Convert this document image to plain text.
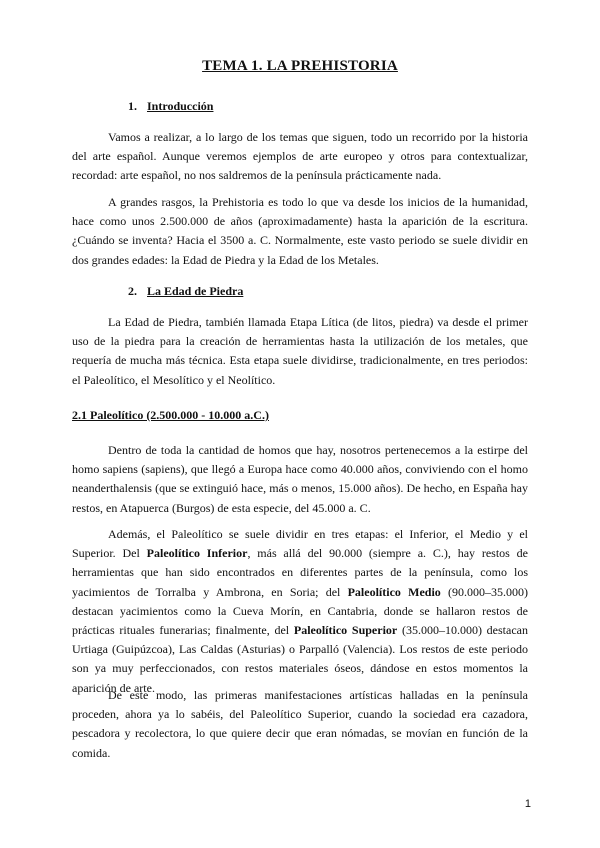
TEMA 1. LA PREHISTORIA
1. Introducción

Vamos a realizar, a lo largo de los temas que siguen, todo un recorrido por la historia del arte español. Aunque veremos ejemplos de arte europeo y otros para contextualizar, recordad: arte español, no nos saldremos de la península prácticamente nada.

A grandes rasgos, la Prehistoria es todo lo que va desde los inicios de la humanidad, hace como unos 2.500.000 de años (aproximadamente) hasta la aparición de la escritura. ¿Cuándo se inventa? Hacia el 3500 a. C. Normalmente, este vasto periodo se suele dividir en dos grandes edades: la Edad de Piedra y la Edad de los Metales.

2. La Edad de Piedra

La Edad de Piedra, también llamada Etapa Lítica (de litos, piedra) va desde el primer uso de la piedra para la creación de herramientas hasta la utilización de los metales, que requería de mucha más técnica. Esta etapa suele dividirse, tradicionalmente, en tres periodos: el Paleolítico, el Mesolítico y el Neolítico.

2.1 Paleolítico (2.500.000 - 10.000 a.C.)

Dentro de toda la cantidad de homos que hay, nosotros pertenecemos a la estirpe del homo sapiens (sapiens), que llegó a Europa hace como 40.000 años, conviviendo con el homo neanderthalensis (que se extinguió hace, más o menos, 15.000 años). De hecho, en España hay restos, en Atapuerca (Burgos) de esta especie, del 45.000 a. C.

Además, el Paleolítico se suele dividir en tres etapas: el Inferior, el Medio y el Superior. Del Paleolítico Inferior, más allá del 90.000 (siempre a. C.), hay restos de herramientas que han sido encontrados en diferentes partes de la península, como los yacimientos de Torralba y Ambrona, en Soria; del Paleolítico Medio (90.000–35.000) destacan yacimientos como la Cueva Morín, en Cantabria, donde se hallaron restos de prácticas rituales funerarias; finalmente, del Paleolítico Superior (35.000–10.000) destacan Urtiaga (Guipúzcoa), Las Caldas (Asturias) o Parpalló (Valencia). Los restos de este periodo son ya muy perfeccionados, con restos materiales óseos, dándose en estos momentos la aparición de arte.

De este modo, las primeras manifestaciones artísticas halladas en la península proceden, ahora ya lo sabéis, del Paleolítico Superior, cuando la sociedad era cazadora, pescadora y recolectora, lo que quiere decir que eran nómadas, se movían en función de la comida.

1
